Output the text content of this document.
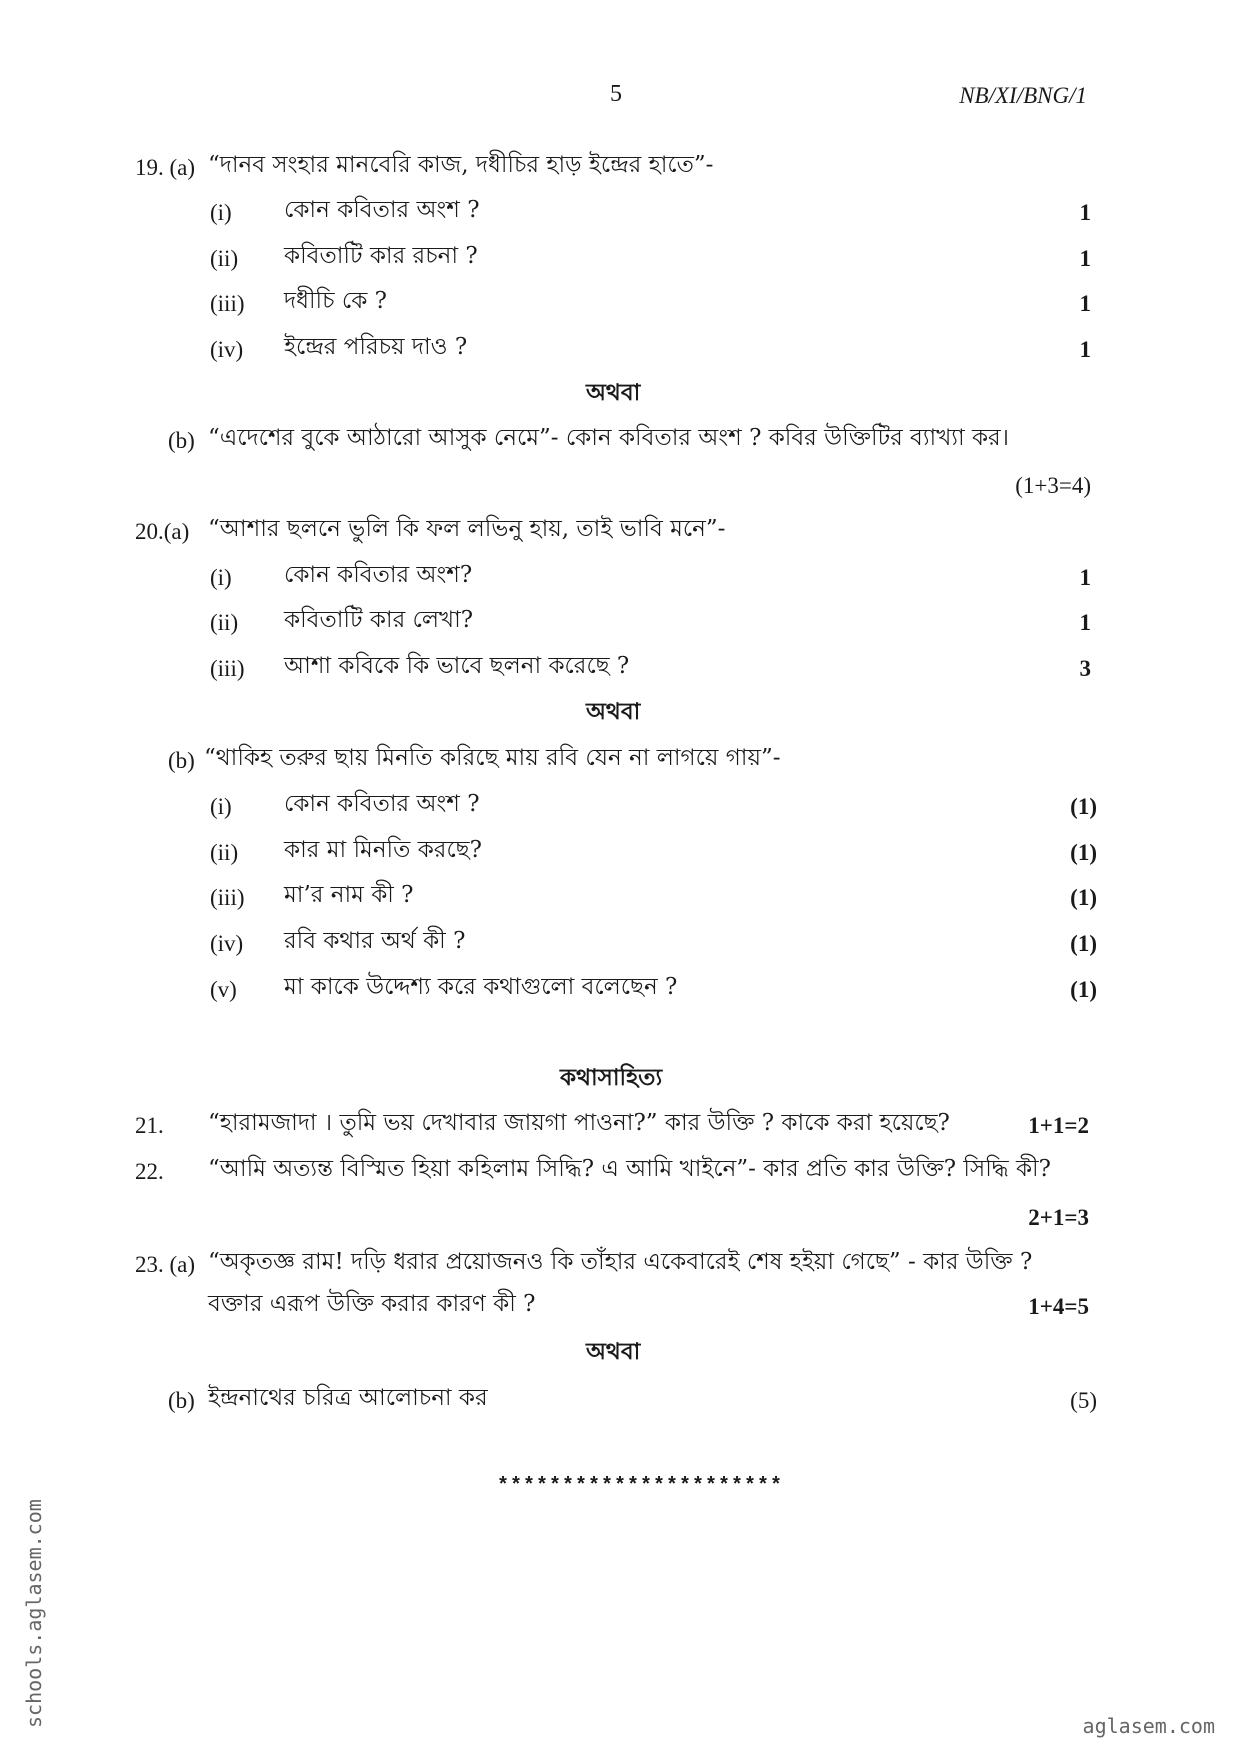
5	NB/XI/BNG/1
19. (a) “দানব সংহার মানবেরি কাজ, দধীচির হাড় ইন্দ্রের হাতে”-
(i) কোন কবিতার অংশ ?	1
(ii) কবিতাটি কার রচনা ?	1
(iii) দধীচি কে ?	1
(iv) ইন্দ্রের পরিচয় দাও ?	1
অথবা
(b) “এদেশের বুকে আঠারো আসুক নেমে”- কোন কবিতার অংশ ? কবির উক্তিটির ব্যাখ্যা কর।
(1+3=4)
20.(a) “আশার ছলনে ভুলি কি ফল লভিনু হায়, তাই ভাবি মনে”-
(i) কোন কবিতার অংশ?	1
(ii) কবিতাটি কার লেখা?	1
(iii) আশা কবিকে কি ভাবে ছলনা করেছে ?	3
অথবা
(b) “থাকিহ তরুর ছায় মিনতি করিছে মায় রবি যেন না লাগয়ে গায়”-
(i) কোন কবিতার অংশ ?	(1)
(ii) কার মা মিনতি করছে?	(1)
(iii) মা’র নাম কী ?	(1)
(iv) রবি কথার অর্থ কী ?	(1)
(v) মা কাকে উদ্দেশ্য করে কথাগুলো বলেছেন ?	(1)
কথাসাহিত্য
21. “হারামজাদা । তুমি ভয় দেখাবার জায়গা পাওনা?” কার উক্তি ? কাকে করা হয়েছে?	1+1=2
22. “আমি অত্যন্ত বিস্মিত হিয়া কহিলাম সিদ্ধি? এ আমি খাইনে”- কার প্রতি কার উক্তি? সিদ্ধি কী?
2+1=3
23. (a) “অকৃতজ্ঞ রাম! দড়ি ধরার প্রয়োজনও কি তাঁহার একেবারেই শেষ হইয়া গেছে” - কার উক্তি ?
বক্তার এরূপ উক্তি করার কারণ কী ?	1+4=5
অথবা
(b) ইন্দ্রনাথের চরিত্র আলোচনা কর	(5)
**********************
schools.aglasem.com	aglasem.com
